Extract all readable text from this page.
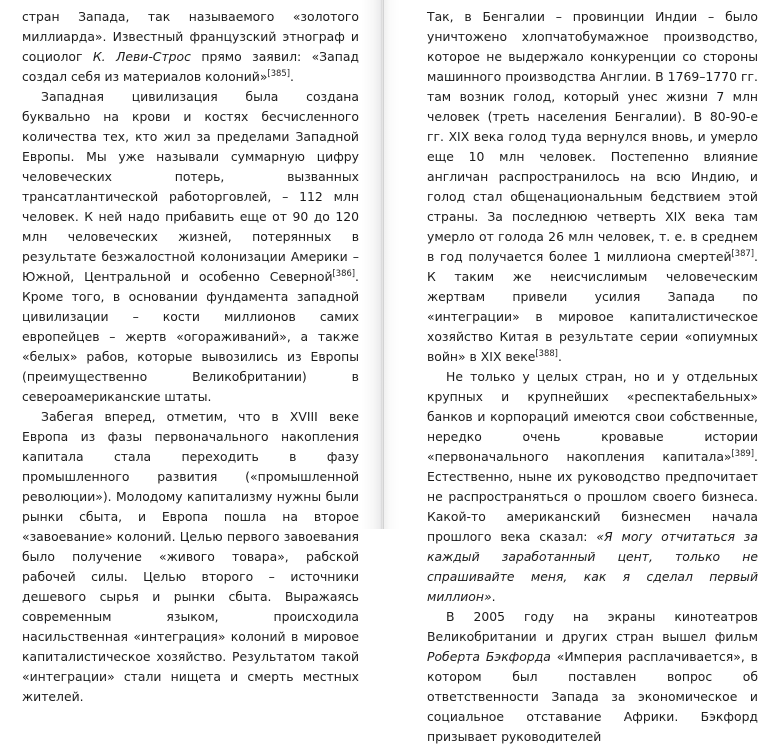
стран Запада, так называемого «золотого миллиарда». Известный французский этнограф и социолог К. Леви-Строс прямо заявил: «Запад создал себя из материалов колоний»[385].

Западная цивилизация была создана буквально на крови и костях бесчисленного количества тех, кто жил за пределами Западной Европы. Мы уже называли суммарную цифру человеческих потерь, вызванных трансатлантической работорговлей, – 112 млн человек. К ней надо прибавить еще от 90 до 120 млн человеческих жизней, потерянных в результате безжалостной колонизации Америки – Южной, Центральной и особенно Северной[386]. Кроме того, в основании фундамента западной цивилизации – кости миллионов самих европейцев – жертв «огораживаний», а также «белых» рабов, которые вывозились из Европы (преимущественно Великобритании) в североамериканские штаты.

Забегая вперед, отметим, что в XVIII веке Европа из фазы первоначального накопления капитала стала переходить в фазу промышленного развития («промышленной революции»). Молодому капитализму нужны были рынки сбыта, и Европа пошла на второе «завоевание» колоний. Целью первого завоевания было получение «живого товара», рабской рабочей силы. Целью второго – источники дешевого сырья и рынки сбыта. Выражаясь современным языком, происходила насильственная «интеграция» колоний в мировое капиталистическое хозяйство. Результатом такой «интеграции» стали нищета и смерть местных жителей.

Так, в Бенгалии – провинции Индии – было уничтожено хлопчатобумажное производство, которое не выдержало конкуренции со стороны машинного производства Англии. В 1769–1770 гг. там возник голод, который унес жизни 7 млн человек (треть населения Бенгалии). В 80-90-е гг. XIX века голод туда вернулся вновь, и умерло еще 10 млн человек. Постепенно влияние англичан распространилось на всю Индию, и голод стал общенациональным бедствием этой страны. За последнюю четверть XIX века там умерло от голода 26 млн человек, т. е. в среднем в год получается более 1 миллиона смертей[387]. К таким же неисчислимым человеческим жертвам привели усилия Запада по «интеграции» в мировое капиталистическое хозяйство Китая в результате серии «опиумных войн» в XIX веке[388].

Не только у целых стран, но и у отдельных крупных и крупнейших «респектабельных» банков и корпораций имеются свои собственные, нередко очень кровавые истории «первоначального накопления капитала»[389]. Естественно, ныне их руководство предпочитает не распространяться о прошлом своего бизнеса. Какой-то американский бизнесмен начала прошлого века сказал: «Я могу отчитаться за каждый заработанный цент, только не спрашивайте меня, как я сделал первый миллион».

В 2005 году на экраны кинотеатров Великобритании и других стран вышел фильм Роберта Бэкфорда «Империя расплачивается», в котором был поставлен вопрос об ответственности Запада за экономическое и социальное отставание Африки. Бэкфорд призывает руководителей
